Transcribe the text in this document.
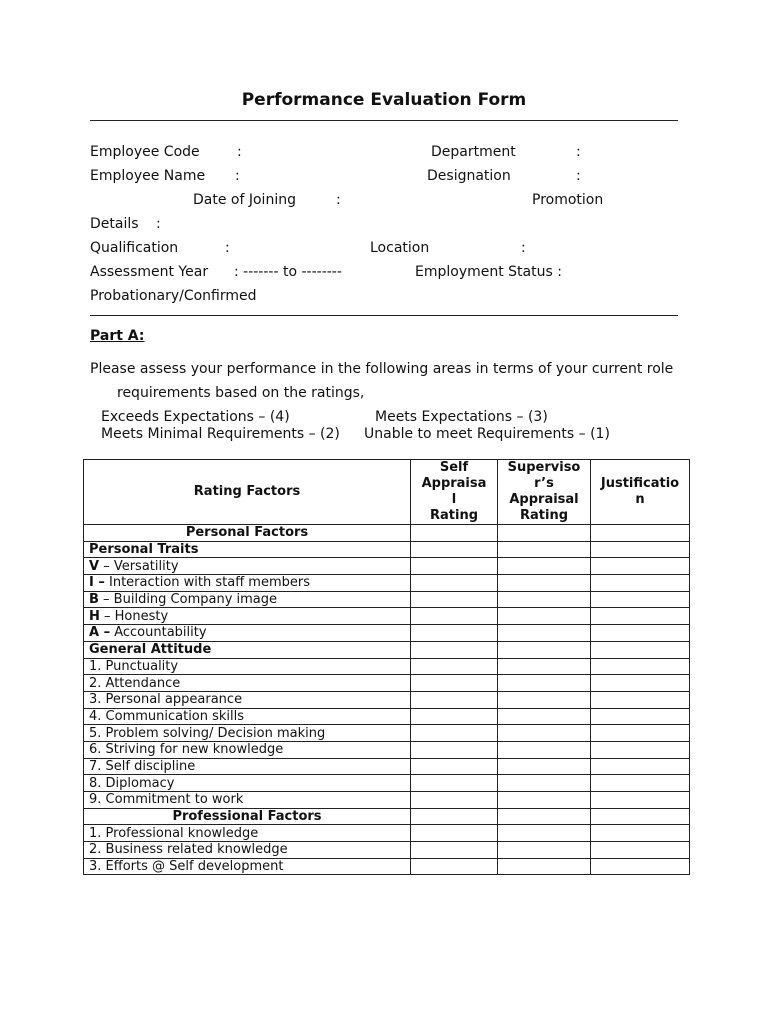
Performance Evaluation Form
Employee Code	:	Department	:
Employee Name :	Designation	:
Date of Joining	:	Promotion
Details :
Qualification	:	Location	:
Assessment Year : ------- to --------	Employment Status :
Probationary/Confirmed
Part A:
Please assess your performance in the following areas in terms of your current role
requirements based on the ratings,
Exceeds Expectations – (4)	Meets Expectations – (3)
Meets Minimal Requirements – (2) Unable to meet Requirements – (1)
Rating Factors	Self
Appraisa
l
Rating	Superviso
r’s
Appraisal
Rating	Justificatio
n
Personal Factors			
Personal Traits			
V – Versatility			
I – Interaction with staff members			
B – Building Company image			
H – Honesty			
A – Accountability			
General Attitude			
1. Punctuality			
2. Attendance			
3. Personal appearance			
4. Communication skills			
5. Problem solving/ Decision making			
6. Striving for new knowledge			
7. Self discipline			
8. Diplomacy			
9. Commitment to work			
Professional Factors			
1. Professional knowledge			
2. Business related knowledge			
3. Efforts @ Self development			
